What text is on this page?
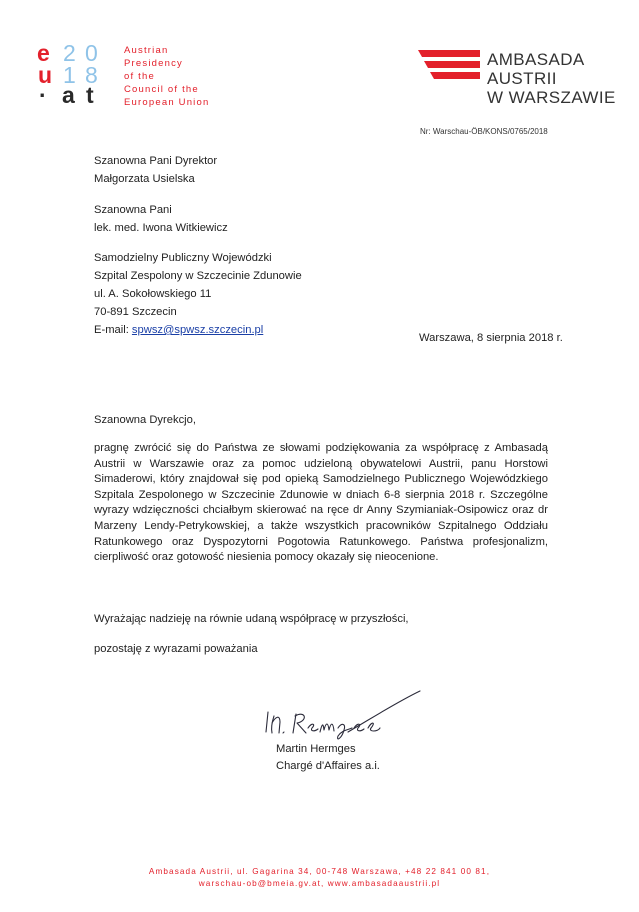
e
u
·
2 0
1 8
a t
Austrian
Presidency
of the
Council of the
European Union
AMBASADA
AUSTRII
W WARSZAWIE
Nr: Warschau-ÖB/KONS/0765/2018
Szanowna Pani Dyrektor
Małgorzata Usielska
Szanowna Pani
lek. med. Iwona Witkiewicz
Samodzielny Publiczny Wojewódzki
Szpital Zespolony w Szczecinie Zdunowie
ul. A. Sokołowskiego 11
70-891 Szczecin
E-mail: spwsz@spwsz.szczecin.pl
Warszawa, 8 sierpnia 2018 r.
Szanowna Dyrekcjo,
pragnę zwrócić się do Państwa ze słowami podziękowania za współpracę z Ambasadą Austrii w Warszawie oraz za pomoc udzieloną obywatelowi Austrii, panu Horstowi Simaderowi, który znajdował się pod opieką Samodzielnego Publicznego Wojewódzkiego Szpitala Zespolonego w Szczecinie Zdunowie w dniach 6-8 sierpnia 2018 r. Szczególne wyrazy wdzięczności chciałbym skierować na ręce dr Anny Szymianiak-Osipowicz oraz dr Marzeny Lendy-Petrykowskiej, a także wszystkich pracowników Szpitalnego Oddziału Ratunkowego oraz Dyspozytorni Pogotowia Ratunkowego. Państwa profesjonalizm, cierpliwość oraz gotowość niesienia pomocy okazały się nieocenione.
Wyrażając nadzieję na równie udaną współpracę w przyszłości,
pozostaję z wyrazami poważania
Martin Hermges
Chargé d'Affaires a.i.
Ambasada Austrii, ul. Gagarina 34, 00-748 Warszawa, +48 22 841 00 81,
warschau-ob@bmeia.gv.at, www.ambasadaaustrii.pl
